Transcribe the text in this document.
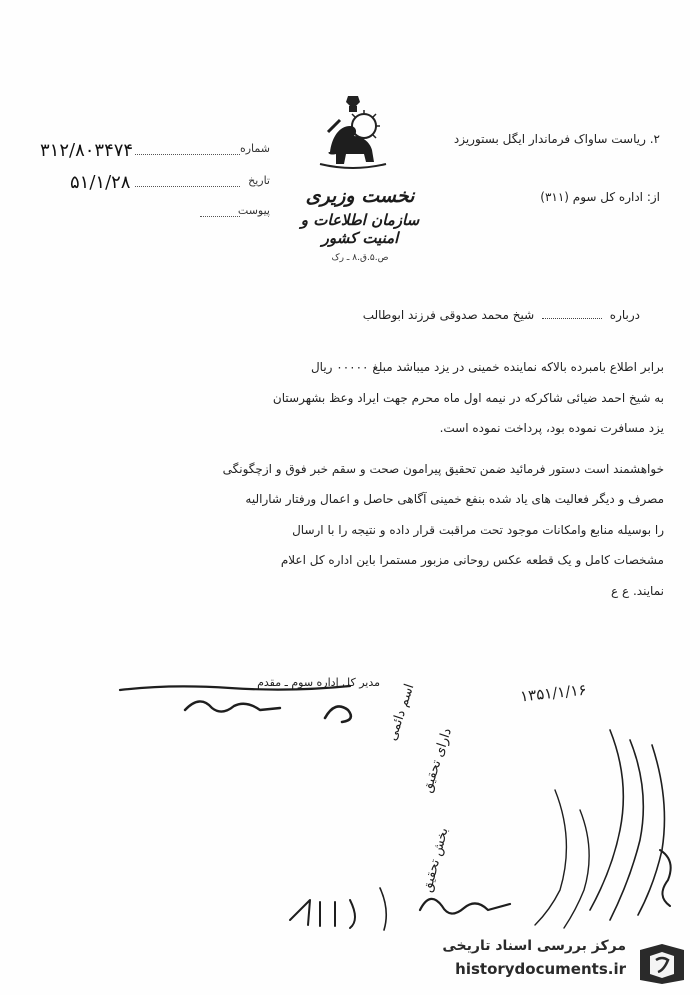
۲. ریاست ساواک فرماندار ایگل بستوریزد
از: اداره کل سوم (۳۱۱)
۳۱۲/۸۰۳۴۷۴	شماره
۵۱/۱/۲۸	تاریخ
پیوست
نخست وزیری
سازمان اطلاعات و امنیت کشور
ص.۵.ق.۸ ـ رک
درباره  شیخ محمد صدوقی فرزند ابوطالب

برابر اطلاع بامبرده بالاکه نماینده خمینی در یزد میباشد مبلغ ۰۰۰۰۰ ریال

به شیخ احمد ضیائی شاکرکه در نیمه اول ماه محرم جهت ایراد وعظ بشهرستان

یزد مسافرت نموده بود، پرداخت نموده است.

خواهشمند است دستور فرمائید ضمن تحقیق پیرامون صحت و سقم خبر فوق و ازچگونگی

مصرف و دیگر فعالیت های یاد شده بنفع خمینی آگاهی حاصل و اعمال ورفتار شارالیه

را بوسیله منابع وامکانات موجود تحت مراقبت قرار داده و نتیجه را با ارسال

مشخصات کامل و یک قطعه عکس روحانی مزبور مستمرا باین اداره کل اعلام

نمایند. ع ع

مدیر کل اداره سوم ـ مقدم	۱۳۵۱/۱/۱۶
اسم دائمی
دارای تحقیق
بخش تحقیق
مرکز بررسی اسناد تاریخی
historydocuments.ir
